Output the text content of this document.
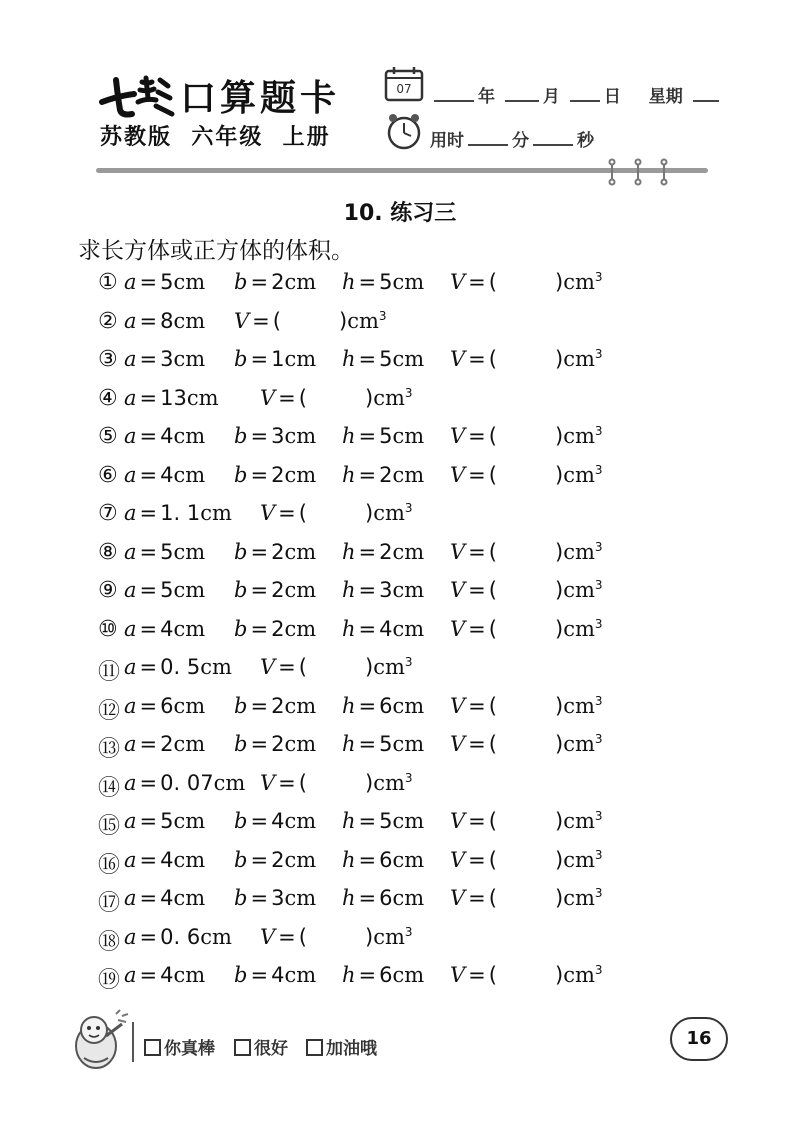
口算题卡
苏教版  六年级  上册
07	年	月	日 星期
用时	分	秒
10. 练习三
求长方体或正方体的体积。
① a = 5cm b = 2cm h = 5cm V = (	)$cm^3$
② a = 8cm V = (	)$cm^3$
③ a = 3cm b = 1cm h = 5cm V = (	)$cm^3$
④ a = 13cm V = (	)$cm^3$
⑤ a = 4cm b = 3cm h = 5cm V = (	)$cm^3$
⑥ a = 4cm b = 2cm h = 2cm V = (	)$cm^3$
⑦ a = 1. 1cm V = (	)$cm^3$
⑧ a = 5cm b = 2cm h = 2cm V = (	)$cm^3$
⑨ a = 5cm b = 2cm h = 3cm V = (	)$cm^3$
⑩ a = 4cm b = 2cm h = 4cm V = (	)$cm^3$
⑪ a = 0. 5cm V = (	)$cm^3$
⑫ a = 6cm b = 2cm h = 6cm V = (	)$cm^3$
⑬ a = 2cm b = 2cm h = 5cm V = (	)$cm^3$
⑭ a = 0. 07cm V = (	)$cm^3$
⑮ a = 5cm b = 4cm h = 5cm V = (	)$cm^3$
⑯ a = 4cm b = 2cm h = 6cm V = (	)$cm^3$
⑰ a = 4cm b = 3cm h = 6cm V = (	)$cm^3$
⑱ a = 0. 6cm V = (	)$cm^3$
⑲ a = 4cm b = 4cm h = 6cm V = (	)$cm^3$
你真棒	很好	加油哦	16
